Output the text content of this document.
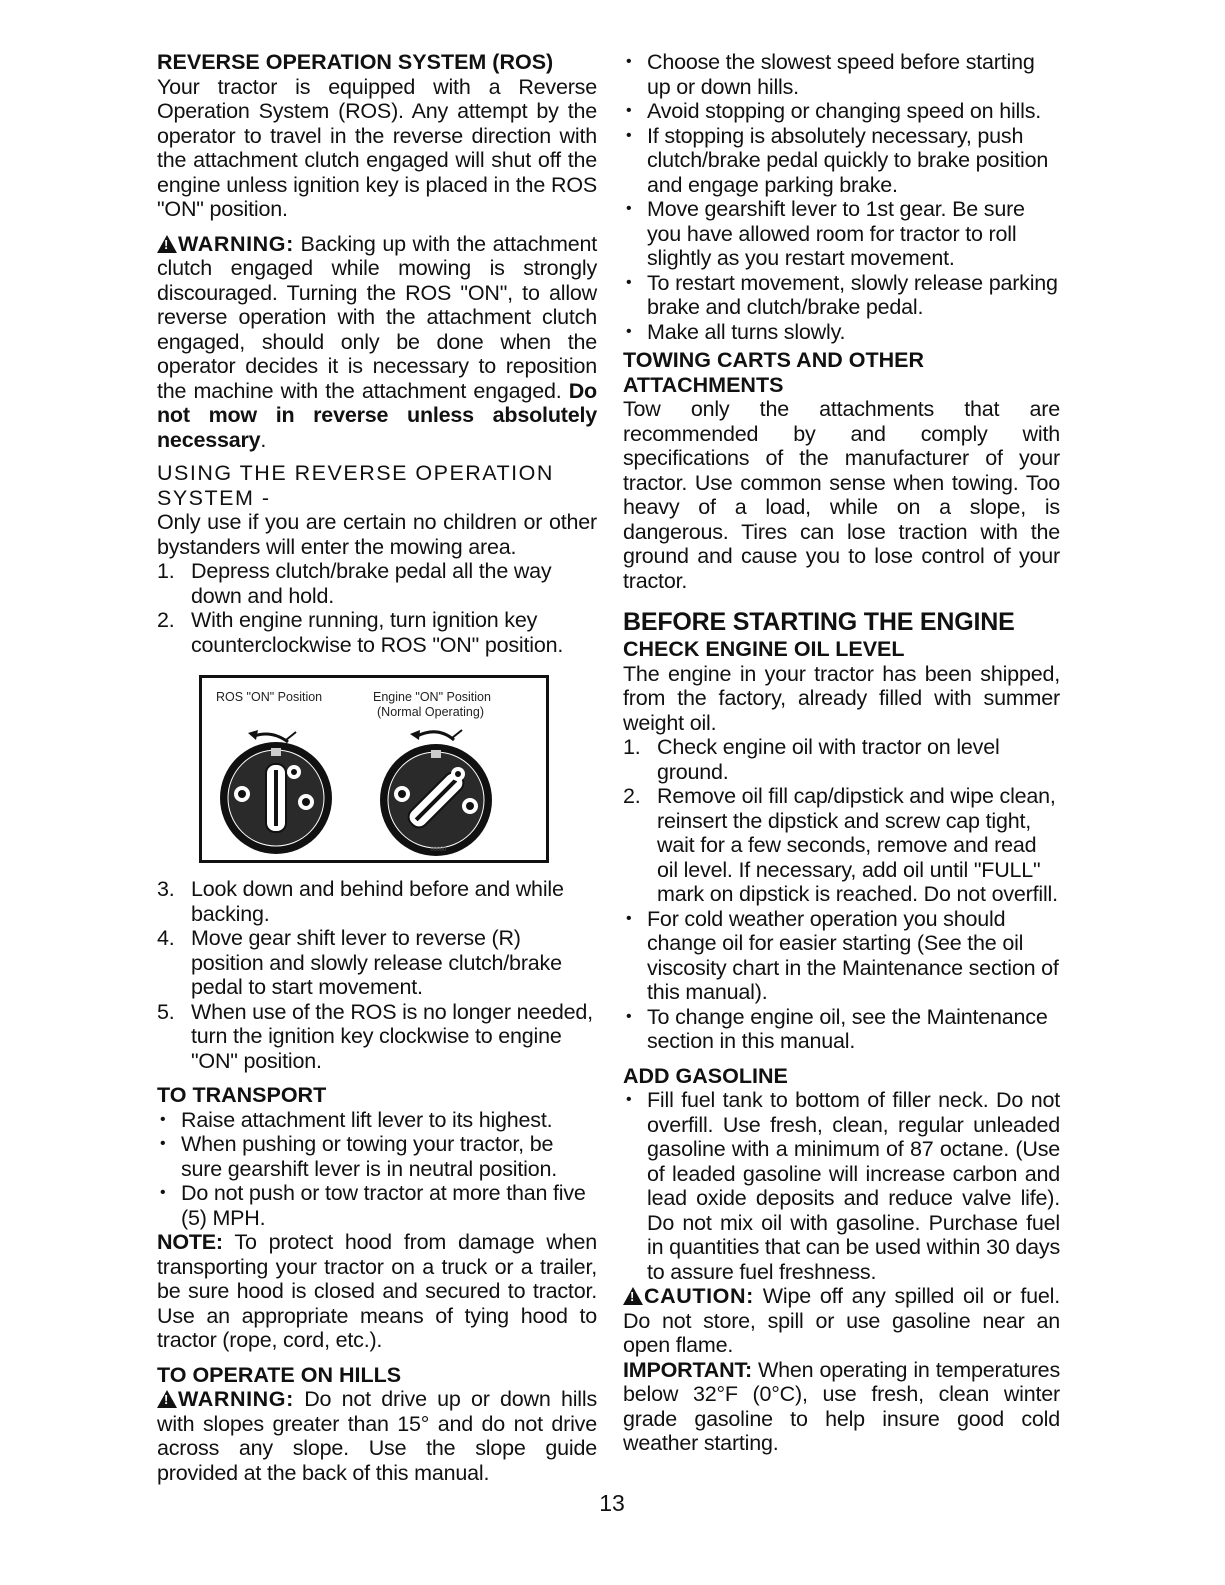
REVERSE OPERATION SYSTEM (ROS)

Your tractor is equipped with a Reverse Operation System (ROS). Any attempt by the operator to travel in the reverse direction with the attachment clutch engaged will shut off the engine unless ignition key is placed in the ROS "ON" position.

!WARNING: Backing up with the attachment clutch engaged while mowing is strongly discouraged. Turning the ROS "ON", to allow reverse operation with the attachment clutch engaged, should only be done when the operator decides it is necessary to reposition the machine with the attachment engaged. Do not mow in reverse unless absolutely necessary.

USING THE REVERSE OPERATION SYSTEM -

Only use if you are certain no children or other bystanders will enter the mowing area.

1. Depress clutch/brake pedal all the way down and hold.
2. With engine running, turn ignition key counterclockwise to ROS "ON" position.
ROS "ON" Position	Engine "ON" Position
(Normal Operating)
00000
3. Look down and behind before and while backing.
4. Move gear shift lever to reverse (R) position and slowly release clutch/brake pedal to start movement.
5. When use of the ROS is no longer needed, turn the ignition key clockwise to engine "ON" position.

TO TRANSPORT

• Raise attachment lift lever to its highest.
• When pushing or towing your tractor, be sure gearshift lever is in neutral position.
• Do not push or tow tractor at more than five (5) MPH.

NOTE: To protect hood from damage when transporting your tractor on a truck or a trailer, be sure hood is closed and secured to tractor. Use an appropriate means of tying hood to tractor (rope, cord, etc.).

TO OPERATE ON HILLS

!WARNING: Do not drive up or down hills with slopes greater than 15° and do not drive across any slope. Use the slope guide provided at the back of this manual.

• Choose the slowest speed before starting up or down hills.
• Avoid stopping or changing speed on hills.
• If stopping is absolutely necessary, push clutch/brake pedal quickly to brake position and engage parking brake.
• Move gearshift lever to 1st gear. Be sure you have allowed room for tractor to roll slightly as you restart movement.
• To restart movement, slowly release parking brake and clutch/brake pedal.
• Make all turns slowly.

TOWING CARTS AND OTHER ATTACHMENTS

Tow only the attachments that are recommended by and comply with specifications of the manufacturer of your tractor. Use common sense when towing. Too heavy of a load, while on a slope, is dangerous. Tires can lose traction with the ground and cause you to lose control of your tractor.

BEFORE STARTING THE ENGINE

CHECK ENGINE OIL LEVEL

The engine in your tractor has been shipped, from the factory, already filled with summer weight oil.

1. Check engine oil with tractor on level ground.
2. Remove oil fill cap/dipstick and wipe clean, reinsert the dipstick and screw cap tight, wait for a few seconds, remove and read oil level. If necessary, add oil until "FULL" mark on dipstick is reached. Do not overfill.
• For cold weather operation you should change oil for easier starting (See the oil viscosity chart in the Maintenance section of this manual).
• To change engine oil, see the Maintenance section in this manual.

ADD GASOLINE

• Fill fuel tank to bottom of filler neck. Do not overfill. Use fresh, clean, regular unleaded gasoline with a minimum of 87 octane. (Use of leaded gasoline will increase carbon and lead oxide deposits and reduce valve life). Do not mix oil with gasoline. Purchase fuel in quantities that can be used within 30 days to assure fuel freshness.

!CAUTION: Wipe off any spilled oil or fuel. Do not store, spill or use gasoline near an open flame.

IMPORTANT: When operating in temperatures below 32°F (0°C), use fresh, clean winter grade gasoline to help insure good cold weather starting.

13
